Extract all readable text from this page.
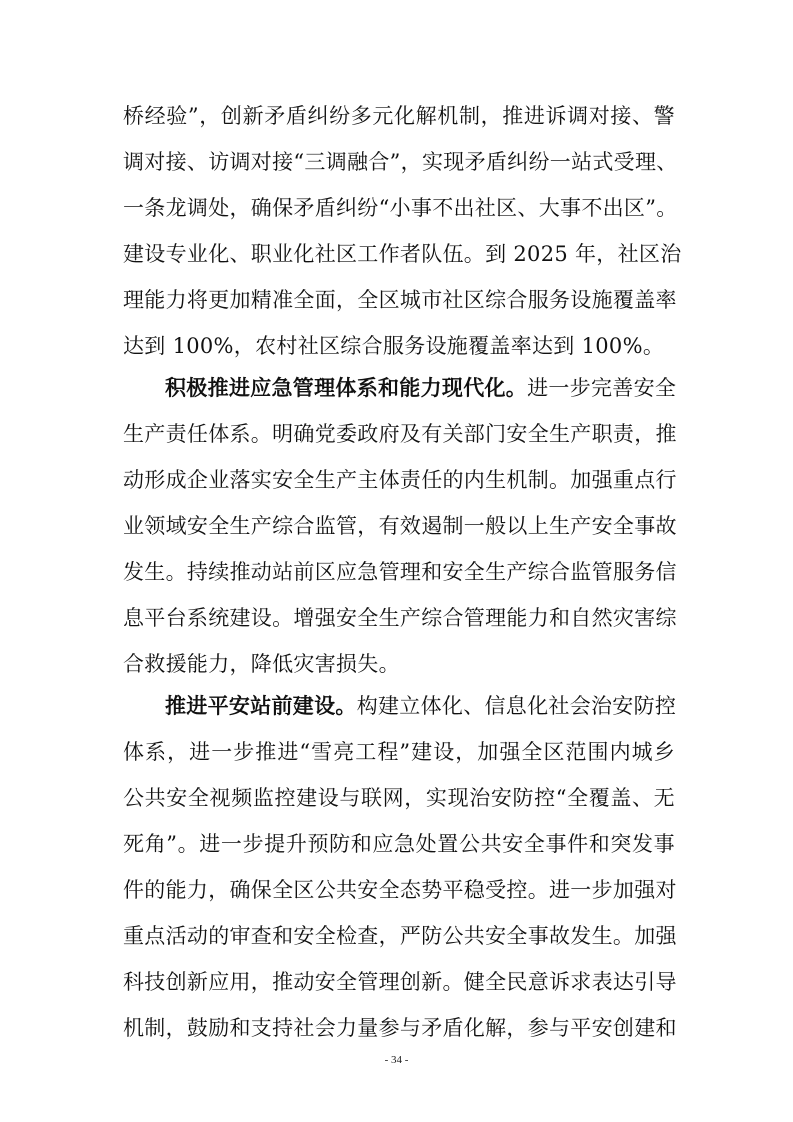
桥经验”，创新矛盾纠纷多元化解机制，推进诉调对接、警
调对接、访调对接“三调融合”，实现矛盾纠纷一站式受理、
一条龙调处，确保矛盾纠纷“小事不出社区、大事不出区”。
建设专业化、职业化社区工作者队伍。到 2025 年，社区治
理能力将更加精准全面，全区城市社区综合服务设施覆盖率
达到 100%，农村社区综合服务设施覆盖率达到 100%。
积极推进应急管理体系和能力现代化。进一步完善安全
生产责任体系。明确党委政府及有关部门安全生产职责，推
动形成企业落实安全生产主体责任的内生机制。加强重点行
业领域安全生产综合监管，有效遏制一般以上生产安全事故
发生。持续推动站前区应急管理和安全生产综合监管服务信
息平台系统建设。增强安全生产综合管理能力和自然灾害综
合救援能力，降低灾害损失。
推进平安站前建设。构建立体化、信息化社会治安防控
体系，进一步推进“雪亮工程”建设，加强全区范围内城乡
公共安全视频监控建设与联网，实现治安防控“全覆盖、无
死角”。进一步提升预防和应急处置公共安全事件和突发事
件的能力，确保全区公共安全态势平稳受控。进一步加强对
重点活动的审查和安全检查，严防公共安全事故发生。加强
科技创新应用，推动安全管理创新。健全民意诉求表达引导
机制，鼓励和支持社会力量参与矛盾化解，参与平安创建和
- 34 -
